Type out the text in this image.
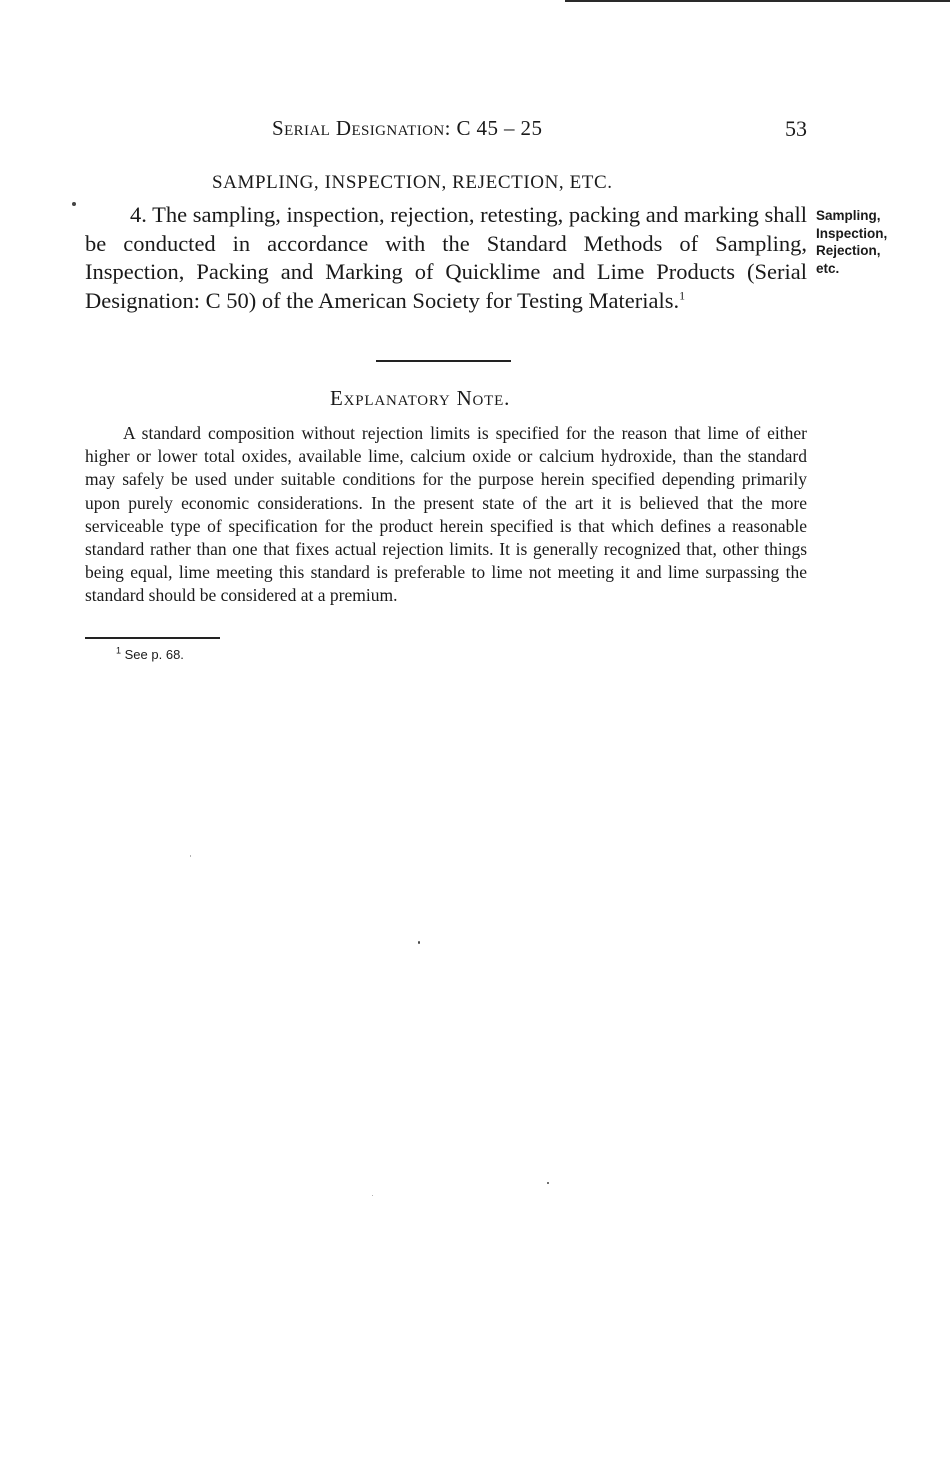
Serial Designation: C 45 – 25	53
SAMPLING, INSPECTION, REJECTION, ETC.
4. The sampling, inspection, rejection, retesting, packing and marking shall be conducted in accordance with the Standard Methods of Sampling, Inspection, Packing and Marking of Quicklime and Lime Products (Serial Designation: C 50) of the American Society for Testing Materials.$^1$
Sampling,
Inspection,
Rejection,
etc.
Explanatory Note.

A standard composition without rejection limits is specified for the reason that lime of either higher or lower total oxides, available lime, calcium oxide or calcium hydroxide, than the standard may safely be used under suitable conditions for the purpose herein specified depending primarily upon purely economic considerations. In the present state of the art it is believed that the more serviceable type of specification for the product herein specified is that which defines a reasonable standard rather than one that fixes actual rejection limits. It is generally recognized that, other things being equal, lime meeting this standard is preferable to lime not meeting it and lime surpassing the standard should be considered at a premium.

$^1$ See p. 68.
